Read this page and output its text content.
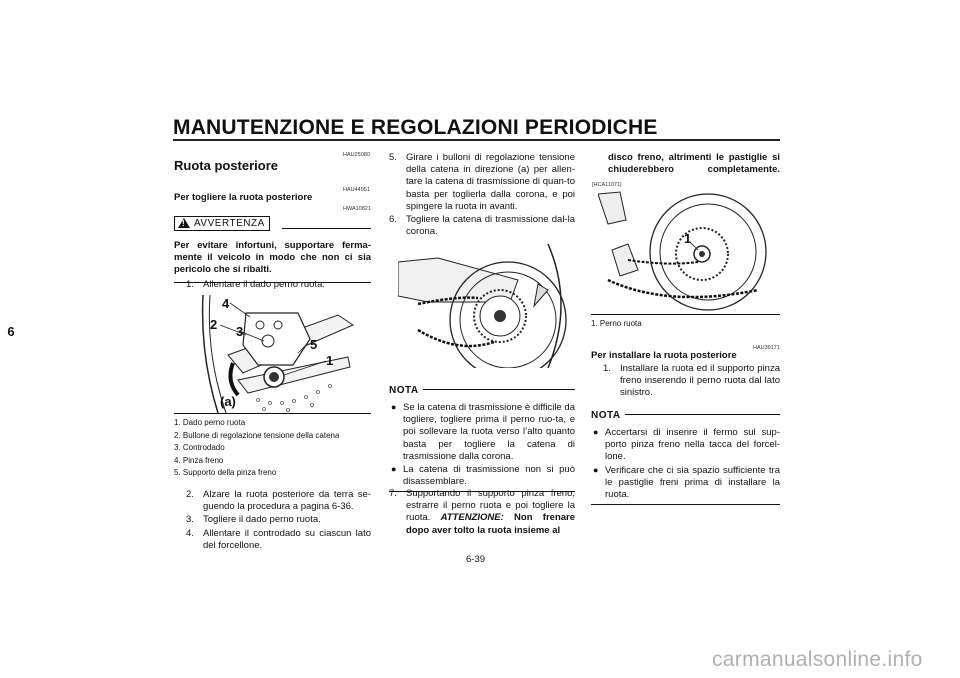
MANUTENZIONE E REGOLAZIONI PERIODICHE
6
HAU25080
Ruota posteriore
HAU44951
Per togliere la ruota posteriore
HWA10821
!
AVVERTENZA
Per evitare infortuni, supportare ferma-mente il veicolo in modo che non ci sia pericolo che si ribalti.
1. Allentare il dado perno ruota.
4
2 3
5
1
(a)
1. Dado perno ruota
2. Bullone di regolazione tensione della catena
3. Controdado
4. Pinza freno
5. Supporto della pinza freno
2. Alzare la ruota posteriore da terra se-guendo la procedura a pagina 6-36.
3. Togliere il dado perno ruota.
4. Allentare il controdado su ciascun lato del forcellone.
5. Girare i bulloni di regolazione tensione della catena in direzione (a) per allen-tare la catena di trasmissione di quan-to basta per toglierla dalla corona, e poi spingere la ruota in avanti.
6. Togliere la catena di trasmissione dal-la corona.
NOTA
● Se la catena di trasmissione è difficile da togliere, togliere prima il perno ruo-ta, e poi sollevare la ruota verso l’alto quanto basta per togliere la catena di trasmissione dalla corona.
● La catena di trasmissione non si può disassemblare.
7. Supportando il supporto pinza freno, estrarre il perno ruota e poi togliere la ruota. ATTENZIONE: Non frenare dopo aver tolto la ruota insieme al
disco freno, altrimenti le pastiglie si chiuderebbero completamente.
[HCA11071]
1
1. Perno ruota
HAU39171
Per installare la ruota posteriore
1. Installare la ruota ed il supporto pinza freno inserendo il perno ruota dal lato sinistro.
NOTA
● Accertarsi di inserire il fermo sul sup-porto pinza freno nella tacca del forcel-lone.
● Verificare che ci sia spazio sufficiente tra le pastiglie freni prima di installare la ruota.
6-39
carmanualsonline.info
